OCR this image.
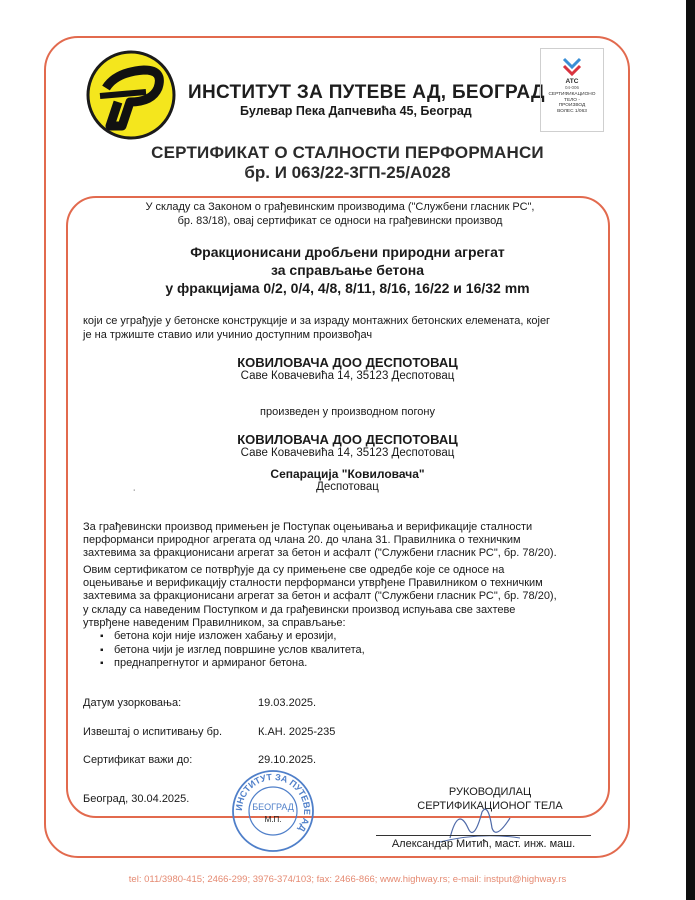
ИНСТИТУТ ЗА ПУТЕВЕ АД, БЕОГРАД
Булевар Пека Дапчевића 45, Београд
ATC
04-006
СЕРТИФИКАЦИОНО
ТЕЛО -
ПРОИЗВОД
ВОЛЕС 1/063
СЕРТИФИКАТ О СТАЛНОСТИ ПЕРФОРМАНСИ
бр. И 063/22-3ГП-25/А028
У складу са Законом о грађевинским производима ("Службени гласник РС",
бр. 83/18), овај сертификат се односи на грађевински производ
Фракционисани дробљени природни агрегат
за справљање бетона
у фракцијама 0/2, 0/4, 4/8, 8/11, 8/16, 16/22 и 16/32 mm
који се уграђује у бетонске конструкције и за израду монтажних бетонских елемената, којег
је на тржиште ставио или учинио доступним произвођач
КОВИЛОВАЧА ДОО ДЕСПОТОВАЦ
Саве Ковачевића 14, 35123 Деспотовац
произведен у производном погону
КОВИЛОВАЧА ДОО ДЕСПОТОВАЦ
Саве Ковачевића 14, 35123 Деспотовац
Сепарација "Ковиловача"
Деспотовац
˙
За грађевински производ примењен је Поступак оцењивања и верификације сталности
перформанси природног агрегата од члана 20. до члана 31. Правилника о техничким
захтевима за фракционисани агрегат за бетон и асфалт ("Службени гласник РС", бр. 78/20).
Овим сертификатом се потврђује да су примењене све одредбе које се односе на
оцењивање и верификацију сталности перформанси утврђене Правилником о техничким
захтевима за фракционисани агрегат за бетон и асфалт ("Службени гласник РС", бр. 78/20),
у складу са наведеним Поступком и да грађевински производ испуњава све захтеве
утврђене наведеним Правилником, за справљање:
▪ бетона који није изложен хабању и ерозији,
▪ бетона чији је изглед површине услов квалитета,
▪ преднапрегнутог и армираног бетона.
Датум узорковања:	19.03.2025.
Извештај о испитивању бр.	К.АН. 2025-235
Сертификат важи до:	29.10.2025.
Београд, 30.04.2025.
ИНСТИТУТ ЗА ПУТЕВЕ АД
БЕОГРАД
М.П.
РУКОВОДИЛАЦ
СЕРТИФИКАЦИОНОГ ТЕЛА
Александар Митић, маст. инж. маш.
tel: 011/3980-415; 2466-299; 3976-374/103; fax: 2466-866; www.highway.rs; e-mail: instput@highway.rs
